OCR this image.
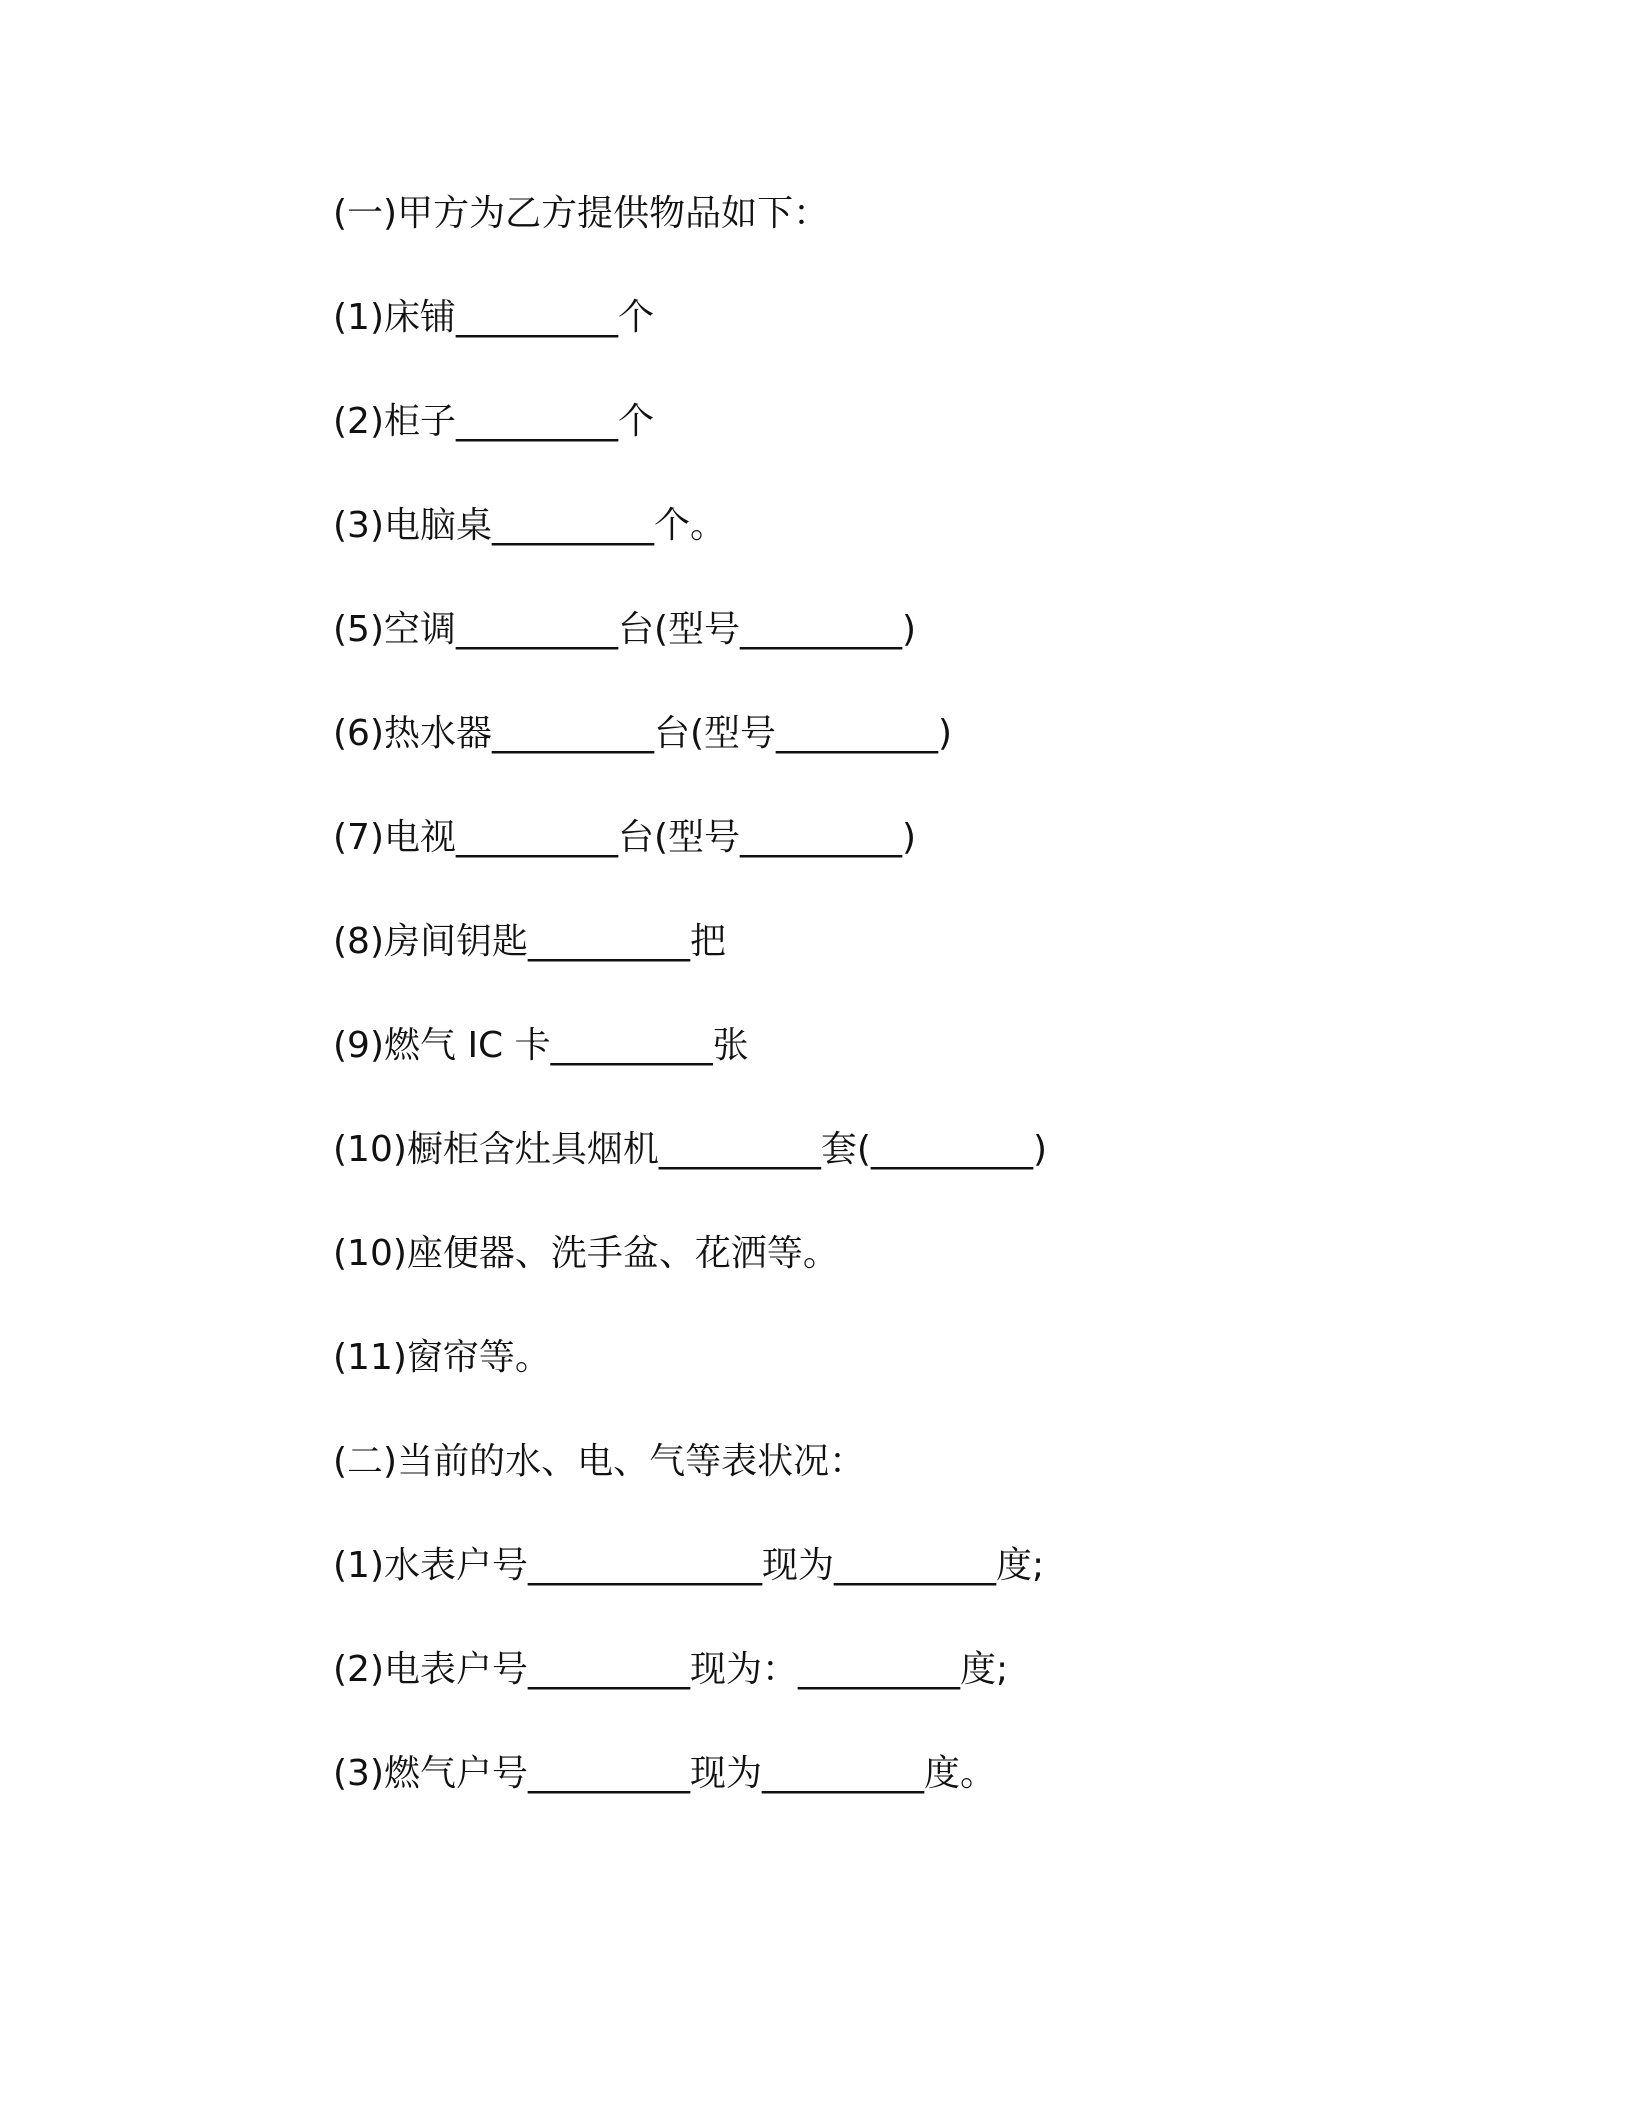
(一)甲方为乙方提供物品如下：
(1)床铺_________个
(2)柜子_________个
(3)电脑桌_________个。
(5)空调_________台(型号_________)
(6)热水器_________台(型号_________)
(7)电视_________台(型号_________)
(8)房间钥匙_________把
(9)燃气 IC 卡_________张
(10)橱柜含灶具烟机_________套(_________)
(10)座便器、洗手盆、花洒等。
(11)窗帘等。
(二)当前的水、电、气等表状况：
(1)水表户号_____________现为_________度;
(2)电表户号_________现为：_________度;
(3)燃气户号_________现为_________度。
